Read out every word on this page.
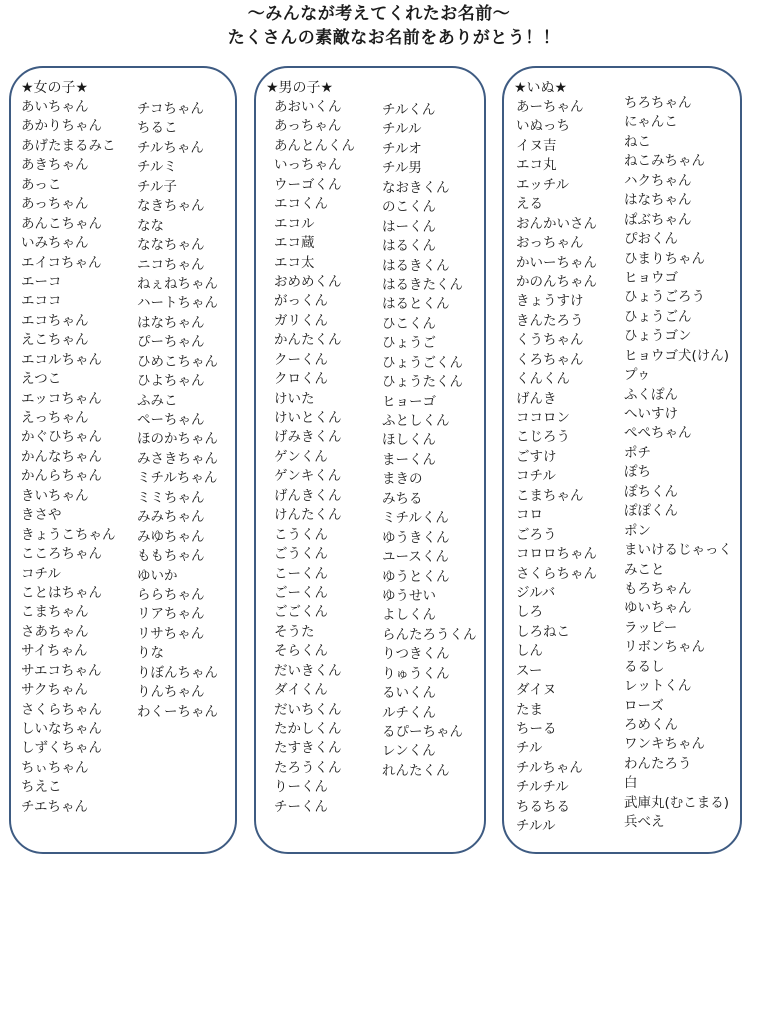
〜みんなが考えてくれたお名前〜
たくさんの素敵なお名前をありがとう！！
★女の子★
あいちゃん
あかりちゃん
あげたまるみこ
あきちゃん
あっこ
あっちゃん
あんこちゃん
いみちゃん
エイコちゃん
エーコ
エココ
エコちゃん
えこちゃん
エコルちゃん
えつこ
エッコちゃん
えっちゃん
かぐひちゃん
かんなちゃん
かんらちゃん
きいちゃん
きさや
きょうこちゃん
こころちゃん
コチル
ことはちゃん
こまちゃん
さあちゃん
サイちゃん
サエコちゃん
サクちゃん
さくらちゃん
しいなちゃん
しずくちゃん
ちぃちゃん
ちえこ
チエちゃん
チコちゃん
ちるこ
チルちゃん
チルミ
チル子
なきちゃん
なな
ななちゃん
ニコちゃん
ねぇねちゃん
ハートちゃん
はなちゃん
ぴーちゃん
ひめこちゃん
ひよちゃん
ふみこ
ペーちゃん
ほのかちゃん
みさきちゃん
ミチルちゃん
ミミちゃん
みみちゃん
みゆちゃん
ももちゃん
ゆいか
ららちゃん
リアちゃん
リサちゃん
りな
りぼんちゃん
りんちゃん
わくーちゃん
★男の子★
あおいくん
あっちゃん
あんとんくん
いっちゃん
ウーゴくん
エコくん
エコル
エコ蔵
エコ太
おめめくん
がっくん
ガリくん
かんたくん
クーくん
クロくん
けいた
けいとくん
げみきくん
ゲンくん
ゲンキくん
げんきくん
けんたくん
こうくん
ごうくん
こーくん
ごーくん
ごごくん
そうた
そらくん
だいきくん
ダイくん
だいちくん
たかしくん
たすきくん
たろうくん
りーくん
チーくん
チルくん
チルル
チルオ
チル男
なおきくん
のこくん
はーくん
はるくん
はるきくん
はるきたくん
はるとくん
ひこくん
ひょうご
ひょうごくん
ひょうたくん
ヒョーゴ
ふとしくん
ほしくん
まーくん
まきの
みちる
ミチルくん
ゆうきくん
ユースくん
ゆうとくん
ゆうせい
よしくん
らんたろうくん
りつきくん
りゅうくん
るいくん
ルチくん
るぴーちゃん
レンくん
れんたくん
★いぬ★
あーちゃん
いぬっち
イヌ吉
エコ丸
エッチル
える
おんかいさん
おっちゃん
かいーちゃん
かのんちゃん
きょうすけ
きんたろう
くうちゃん
くろちゃん
くんくん
げんき
ココロン
こじろう
ごすけ
コチル
こまちゃん
コロ
ごろう
コロロちゃん
さくらちゃん
ジルバ
しろ
しろねこ
しん
スー
ダイヌ
たま
ちーる
チル
チルちゃん
チルチル
ちるちる
チルル
ちろちゃん
にゃんこ
ねこ
ねこみちゃん
ハクちゃん
はなちゃん
ぱぶちゃん
ぴおくん
ひまりちゃん
ヒョウゴ
ひょうごろう
ひょうごん
ひょうゴン
ヒョウゴ犬(けん)
プゥ
ふくぽん
へいすけ
ぺぺちゃん
ポチ
ぽち
ぽちくん
ぽぽくん
ポン
まいけるじゃっく
みこと
もろちゃん
ゆいちゃん
ラッピー
リボンちゃん
るるし
レットくん
ローズ
ろめくん
ワンキちゃん
わんたろう
白
武庫丸(むこまる)
兵べえ
